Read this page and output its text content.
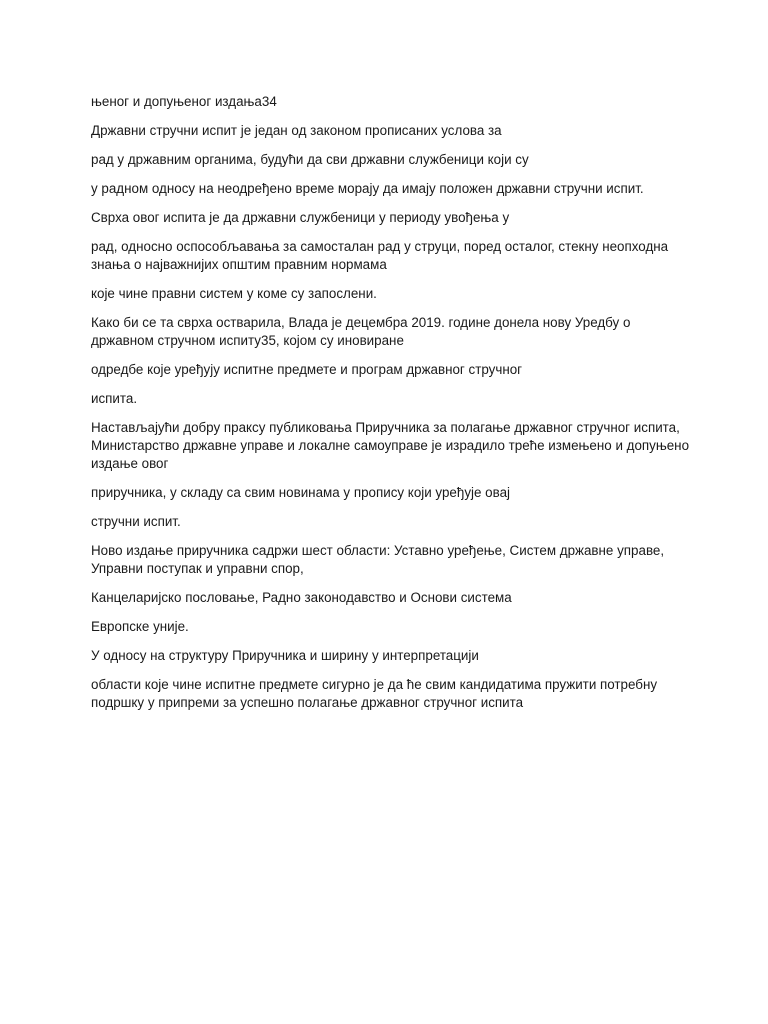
њеног и допуњеног издања34

Државни стручни испит је један од законом прописаних услова за

рад у државним органима, будући да сви државни службеници који су

у радном односу на неодређено време морају да имају положен државни стручни испит.

Сврха овог испита је да државни службеници у периоду увођења у

рад, односно оспособљавања за самосталан рад у струци, поред осталог, стекну неопходна знања о најважнијих општим правним нормама

које чине правни систем у коме су запослени.

Како би се та сврха остварила, Влада је децембра 2019. године донела нову Уредбу о државном стручном испиту35, којом су иновиране

одредбе које уређују испитне предмете и програм државног стручног

испита.

Настављајући добру праксу публиковања Приручника за полагање државног стручног испита, Министарство државне управе и локалне самоуправе је израдило треће измењено и допуњено издање овог

приручника, у складу са свим новинама у пропису који уређује овај

стручни испит.

Ново издање приручника садржи шест области: Уставно уређење, Систем државне управе, Управни поступак и управни спор,

Канцеларијско пословање, Радно законодавство и Основи система

Европске уније.

У односу на структуру Приручника и ширину у интерпретацији

области које чине испитне предмете сигурно је да ће свим кандидатима пружити потребну подршку у припреми за успешно полагање државног стручног испита
